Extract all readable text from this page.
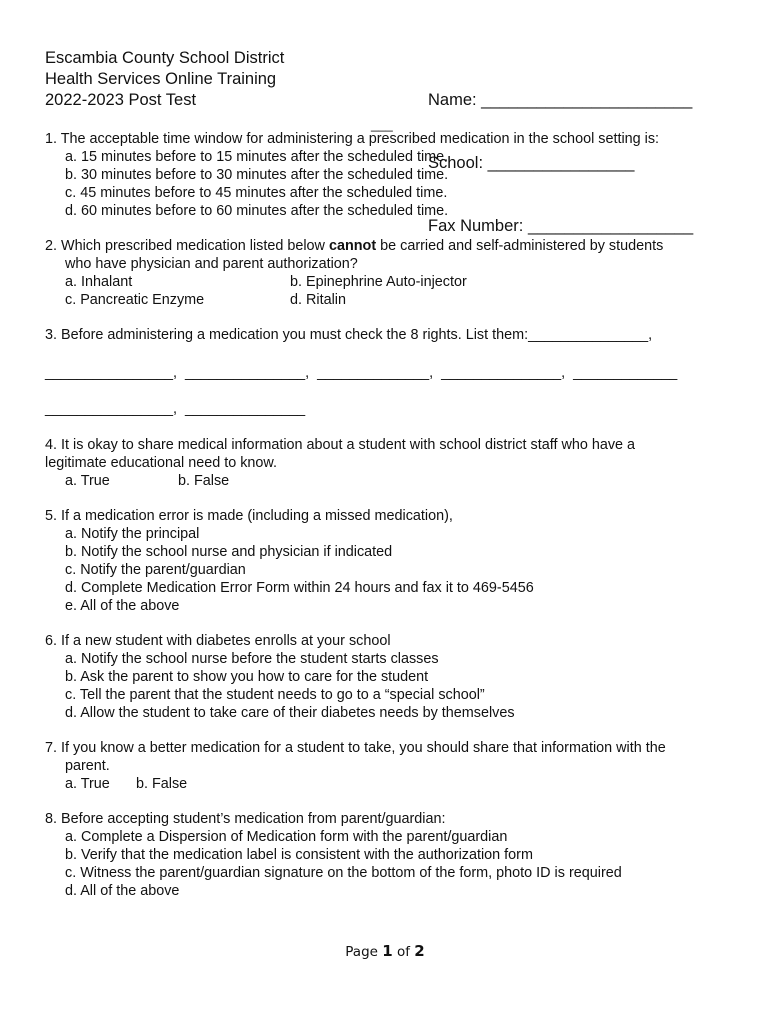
Escambia County School District
Health Services Online Training
2022-2023 Post Test

	Name: _______________________

School: ________________

Fax Number: __________________

___
1. The acceptable time window for administering a prescribed medication in the school setting is:
a. 15 minutes before to 15 minutes after the scheduled time.
b. 30 minutes before to 30 minutes after the scheduled time.
c. 45 minutes before to 45 minutes after the scheduled time.
d. 60 minutes before to 60 minutes after the scheduled time.
2. Which prescribed medication listed below cannot be carried and self-administered by students
who have physician and parent authorization?
a. Inhalant	b. Epinephrine Auto-injector
c. Pancreatic Enzyme	d. Ritalin
3. Before administering a medication you must check the 8 rights. List them:_______________,
________________,  _______________,  ______________,  _______________,  _____________
________________,  _______________
4. It is okay to share medical information about a student with school district staff who have a
legitimate educational need to know.
a. True	b. False
5. If a medication error is made (including a missed medication),
a. Notify the principal
b. Notify the school nurse and physician if indicated
c. Notify the parent/guardian
d. Complete Medication Error Form within 24 hours and fax it to 469-5456
e. All of the above
6. If a new student with diabetes enrolls at your school
a. Notify the school nurse before the student starts classes
b. Ask the parent to show you how to care for the student
c. Tell the parent that the student needs to go to a “special school”
d. Allow the student to take care of their diabetes needs by themselves
7. If you know a better medication for a student to take, you should share that information with the
parent.
a. True b. False
8. Before accepting student’s medication from parent/guardian:
a. Complete a Dispersion of Medication form with the parent/guardian
b. Verify that the medication label is consistent with the authorization form
c. Witness the parent/guardian signature on the bottom of the form, photo ID is required
d. All of the above
Page 1 of 2
